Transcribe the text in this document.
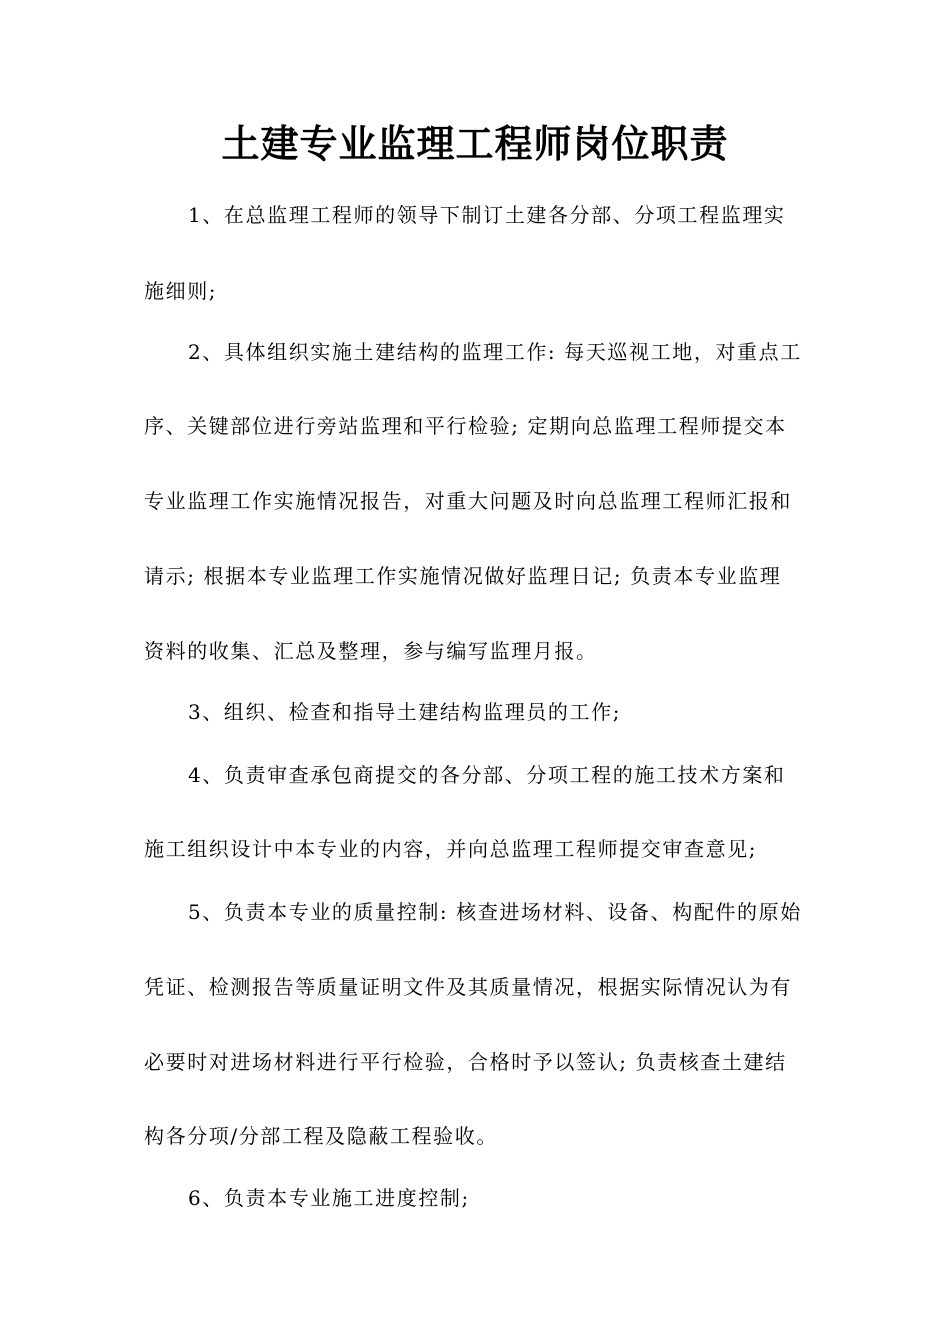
土建专业监理工程师岗位职责

1、在总监理工程师的领导下制订土建各分部、分项工程监理实

施细则;

2、具体组织实施土建结构的监理工作: 每天巡视工地，对重点工

序、关键部位进行旁站监理和平行检验; 定期向总监理工程师提交本

专业监理工作实施情况报告，对重大问题及时向总监理工程师汇报和

请示; 根据本专业监理工作实施情况做好监理日记; 负责本专业监理

资料的收集、汇总及整理，参与编写监理月报。

3、组织、检查和指导土建结构监理员的工作;

4、负责审查承包商提交的各分部、分项工程的施工技术方案和

施工组织设计中本专业的内容，并向总监理工程师提交审查意见;

5、负责本专业的质量控制: 核查进场材料、设备、构配件的原始

凭证、检测报告等质量证明文件及其质量情况，根据实际情况认为有

必要时对进场材料进行平行检验，合格时予以签认; 负责核查土建结

构各分项/分部工程及隐蔽工程验收。

6、负责本专业施工进度控制;
